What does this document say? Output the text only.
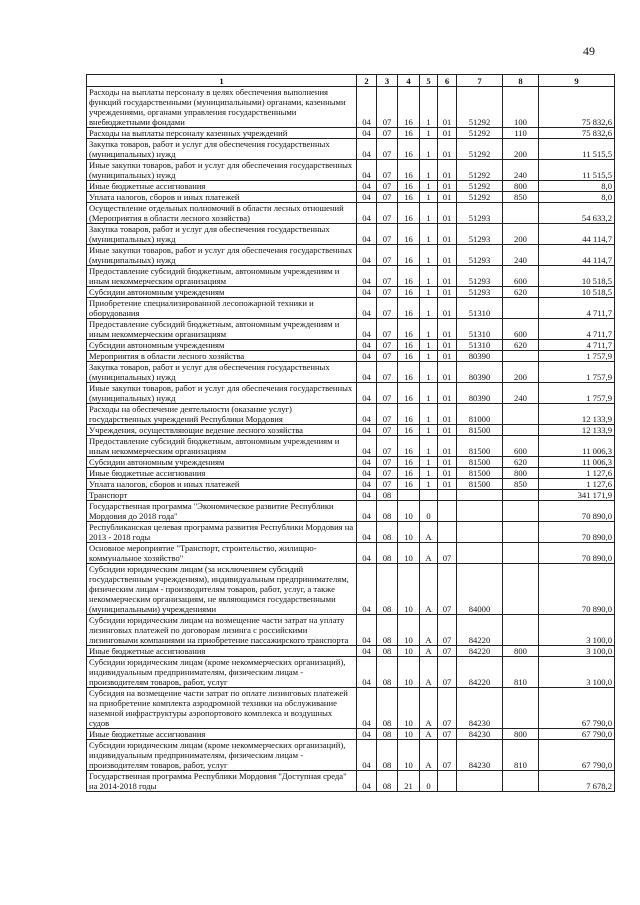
49
1	2	3	4	5	6	7	8	9
Расходы на выплаты персоналу в целях обеспечения выполнения функций государственными (муниципальными) органами, казенными учреждениями, органами управления государственными внебюджетными фондами	04	07	16	1	01	51292	100	75 832,6
Расходы на выплаты персоналу казенных учреждений	04	07	16	1	01	51292	110	75 832,6
Закупка товаров, работ и услуг для обеспечения государственных (муниципальных) нужд	04	07	16	1	01	51292	200	11 515,5
Иные закупки товаров, работ и услуг для обеспечения государственных (муниципальных) нужд	04	07	16	1	01	51292	240	11 515,5
Иные бюджетные ассигнования	04	07	16	1	01	51292	800	8,0
Уплата налогов, сборов и иных платежей	04	07	16	1	01	51292	850	8,0
Осуществление отдельных полномочий в области лесных отношений (Мероприятия в области лесного хозяйства)	04	07	16	1	01	51293		54 633,2
Закупка товаров, работ и услуг для обеспечения государственных (муниципальных) нужд	04	07	16	1	01	51293	200	44 114,7
Иные закупки товаров, работ и услуг для обеспечения государственных (муниципальных) нужд	04	07	16	1	01	51293	240	44 114,7
Предоставление субсидий бюджетным, автономным учреждениям и иным некоммерческим организациям	04	07	16	1	01	51293	600	10 518,5
Субсидии автономным учреждениям	04	07	16	1	01	51293	620	10 518,5
Приобретение специализированной лесопожарной техники и оборудования	04	07	16	1	01	51310		4 711,7
Предоставление субсидий бюджетным, автономным учреждениям и иным некоммерческим организациям	04	07	16	1	01	51310	600	4 711,7
Субсидии автономным учреждениям	04	07	16	1	01	51310	620	4 711,7
Мероприятия в области лесного хозяйства	04	07	16	1	01	80390		1 757,9
Закупка товаров, работ и услуг для обеспечения государственных (муниципальных) нужд	04	07	16	1	01	80390	200	1 757,9
Иные закупки товаров, работ и услуг для обеспечения государственных (муниципальных) нужд	04	07	16	1	01	80390	240	1 757,9
Расходы на обеспечение деятельности (оказание услуг) государственных учреждений Республики Мордовия	04	07	16	1	01	81000		12 133,9
Учреждения, осуществляющие ведение лесного хозяйства	04	07	16	1	01	81500		12 133,9
Предоставление субсидий бюджетным, автономным учреждениям и иным некоммерческим организациям	04	07	16	1	01	81500	600	11 006,3
Субсидии автономным учреждениям	04	07	16	1	01	81500	620	11 006,3
Иные бюджетные ассигнования	04	07	16	1	01	81500	800	1 127,6
Уплата налогов, сборов и иных платежей	04	07	16	1	01	81500	850	1 127,6
Транспорт	04	08						341 171,9
Государственная программа "Экономическое развитие Республики Мордовия до 2018 года"	04	08	10	0				70 890,0
Республиканская целевая программа развития Республики Мордовия на 2013 - 2018 годы	04	08	10	А				70 890,0
Основное мероприятие "Транспорт, строительство, жилищно-коммунальное хозяйство"	04	08	10	А	07			70 890,0
Субсидии юридическим лицам (за исключением субсидий государственным учреждениям), индивидуальным предпринимателям, физическим лицам - производителям товаров, работ, услуг, а также некоммерческим организациям, не являющимся государственными (муниципальными) учреждениями	04	08	10	А	07	84000		70 890,0
Субсидии юридическим лицам на возмещение части затрат на уплату лизинговых платежей по договорам лизинга с российскими лизинговыми компаниями на приобретение пассажирского транспорта	04	08	10	А	07	84220		3 100,0
Иные бюджетные ассигнования	04	08	10	А	07	84220	800	3 100,0
Субсидии юридическим лицам (кроме некоммерческих организаций), индивидуальным предпринимателям, физическим лицам - производителям товаров, работ, услуг	04	08	10	А	07	84220	810	3 100,0
Субсидия на возмещение части затрат по оплате лизинговых платежей на приобретение комплекта аэродромной техники на обслуживание наземной инфраструктуры аэропортового комплекса и воздушных судов	04	08	10	А	07	84230		67 790,0
Иные бюджетные ассигнования	04	08	10	А	07	84230	800	67 790,0
Субсидии юридическим лицам (кроме некоммерческих организаций), индивидуальным предпринимателям, физическим лицам - производителям товаров, работ, услуг	04	08	10	А	07	84230	810	67 790,0
Государственная программа Республики Мордовия "Доступная среда" на 2014-2018 годы	04	08	21	0				7 678,2
